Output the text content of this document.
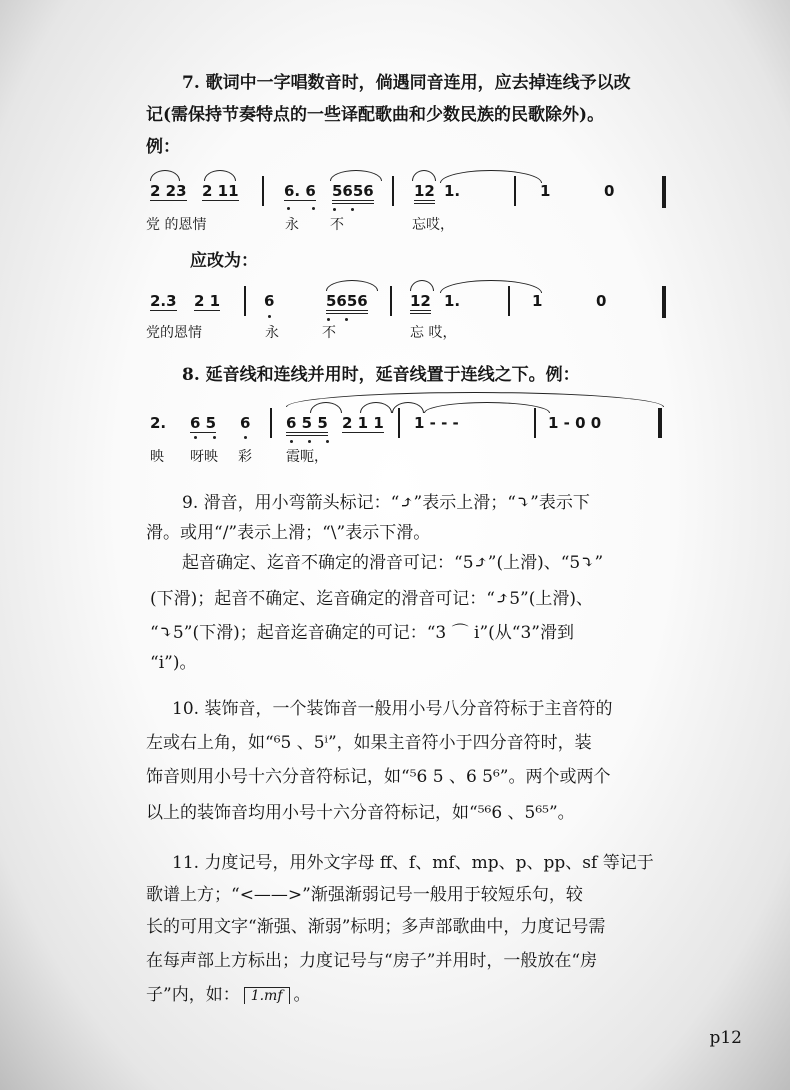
7. 歌词中一字唱数音时，倘遇同音连用，应去掉连线予以改
记(需保持节奏特点的一些译配歌曲和少数民族的民歌除外)。
例：
2 23 2 11	6. 6 5656	12 1.	1	0
党 的恩情	永 不	忘哎，
应改为：
2.3 2 1	6	5656	12 1.	1	0
党的恩情	永	不	忘 哎，
8. 延音线和连线并用时，延音线置于连线之下。例：
2. 6 5 6 6 5 5 2 1 1 1 - - -	1 - 0 0
映 呀映 彩 霞呃，
9. 滑音，用小弯箭头标记：“⤴”表示上滑；“⤵”表示下
滑。或用“/”表示上滑；“\”表示下滑。
起音确定、迄音不确定的滑音可记：“5⤴”(上滑)、“5⤵”
(下滑)；起音不确定、迄音确定的滑音可记：“⤴5”(上滑)、
“⤵5”(下滑)；起音迄音确定的可记：“3 ⌒ i”(从“3”滑到
“i”)。
10. 装饰音，一个装饰音一般用小号八分音符标于主音符的
左或右上角，如“⁶5 、5ⁱ”，如果主音符小于四分音符时，装
饰音则用小号十六分音符标记，如“⁵6 5 、6 5⁶”。两个或两个
以上的装饰音均用小号十六分音符标记，如“⁵⁶6 、5⁶⁵”。
11. 力度记号，用外文字母 ff、f、mf、mp、p、pp、sf 等记于
歌谱上方；“<——>”渐强渐弱记号一般用于较短乐句，较
长的可用文字“渐强、渐弱”标明；多声部歌曲中，力度记号需
在每声部上方标出；力度记号与“房子”并用时，一般放在“房
子”内，如： 1.mf 。
p12
